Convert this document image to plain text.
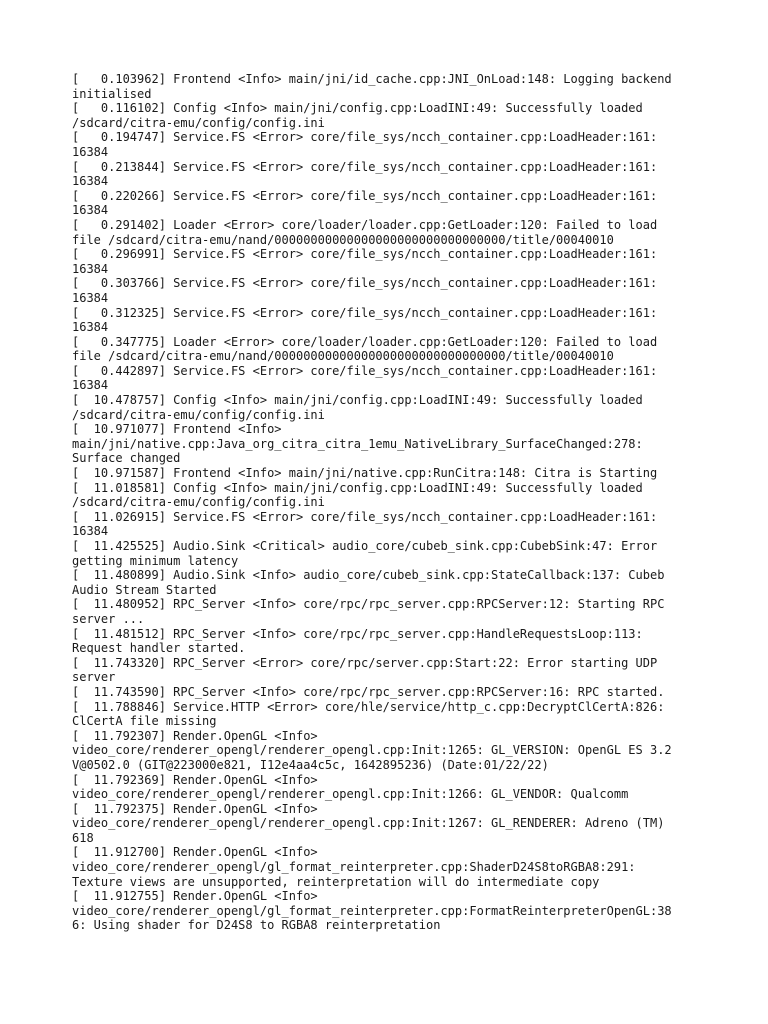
[   0.103962] Frontend <Info> main/jni/id_cache.cpp:JNI_OnLoad:148: Logging backend
initialised
[   0.116102] Config <Info> main/jni/config.cpp:LoadINI:49: Successfully loaded
/sdcard/citra-emu/config/config.ini
[   0.194747] Service.FS <Error> core/file_sys/ncch_container.cpp:LoadHeader:161:
16384
[   0.213844] Service.FS <Error> core/file_sys/ncch_container.cpp:LoadHeader:161:
16384
[   0.220266] Service.FS <Error> core/file_sys/ncch_container.cpp:LoadHeader:161:
16384
[   0.291402] Loader <Error> core/loader/loader.cpp:GetLoader:120: Failed to load
file /sdcard/citra-emu/nand/00000000000000000000000000000000/title/00040010
[   0.296991] Service.FS <Error> core/file_sys/ncch_container.cpp:LoadHeader:161:
16384
[   0.303766] Service.FS <Error> core/file_sys/ncch_container.cpp:LoadHeader:161:
16384
[   0.312325] Service.FS <Error> core/file_sys/ncch_container.cpp:LoadHeader:161:
16384
[   0.347775] Loader <Error> core/loader/loader.cpp:GetLoader:120: Failed to load
file /sdcard/citra-emu/nand/00000000000000000000000000000000/title/00040010
[   0.442897] Service.FS <Error> core/file_sys/ncch_container.cpp:LoadHeader:161:
16384
[  10.478757] Config <Info> main/jni/config.cpp:LoadINI:49: Successfully loaded
/sdcard/citra-emu/config/config.ini
[  10.971077] Frontend <Info>
main/jni/native.cpp:Java_org_citra_citra_1emu_NativeLibrary_SurfaceChanged:278:
Surface changed
[  10.971587] Frontend <Info> main/jni/native.cpp:RunCitra:148: Citra is Starting
[  11.018581] Config <Info> main/jni/config.cpp:LoadINI:49: Successfully loaded
/sdcard/citra-emu/config/config.ini
[  11.026915] Service.FS <Error> core/file_sys/ncch_container.cpp:LoadHeader:161:
16384
[  11.425525] Audio.Sink <Critical> audio_core/cubeb_sink.cpp:CubebSink:47: Error
getting minimum latency
[  11.480899] Audio.Sink <Info> audio_core/cubeb_sink.cpp:StateCallback:137: Cubeb
Audio Stream Started
[  11.480952] RPC_Server <Info> core/rpc/rpc_server.cpp:RPCServer:12: Starting RPC
server ...
[  11.481512] RPC_Server <Info> core/rpc/rpc_server.cpp:HandleRequestsLoop:113:
Request handler started.
[  11.743320] RPC_Server <Error> core/rpc/server.cpp:Start:22: Error starting UDP
server
[  11.743590] RPC_Server <Info> core/rpc/rpc_server.cpp:RPCServer:16: RPC started.
[  11.788846] Service.HTTP <Error> core/hle/service/http_c.cpp:DecryptClCertA:826:
ClCertA file missing
[  11.792307] Render.OpenGL <Info>
video_core/renderer_opengl/renderer_opengl.cpp:Init:1265: GL_VERSION: OpenGL ES 3.2
V@0502.0 (GIT@223000e821, I12e4aa4c5c, 1642895236) (Date:01/22/22)
[  11.792369] Render.OpenGL <Info>
video_core/renderer_opengl/renderer_opengl.cpp:Init:1266: GL_VENDOR: Qualcomm
[  11.792375] Render.OpenGL <Info>
video_core/renderer_opengl/renderer_opengl.cpp:Init:1267: GL_RENDERER: Adreno (TM)
618
[  11.912700] Render.OpenGL <Info>
video_core/renderer_opengl/gl_format_reinterpreter.cpp:ShaderD24S8toRGBA8:291:
Texture views are unsupported, reinterpretation will do intermediate copy
[  11.912755] Render.OpenGL <Info>
video_core/renderer_opengl/gl_format_reinterpreter.cpp:FormatReinterpreterOpenGL:38
6: Using shader for D24S8 to RGBA8 reinterpretation
